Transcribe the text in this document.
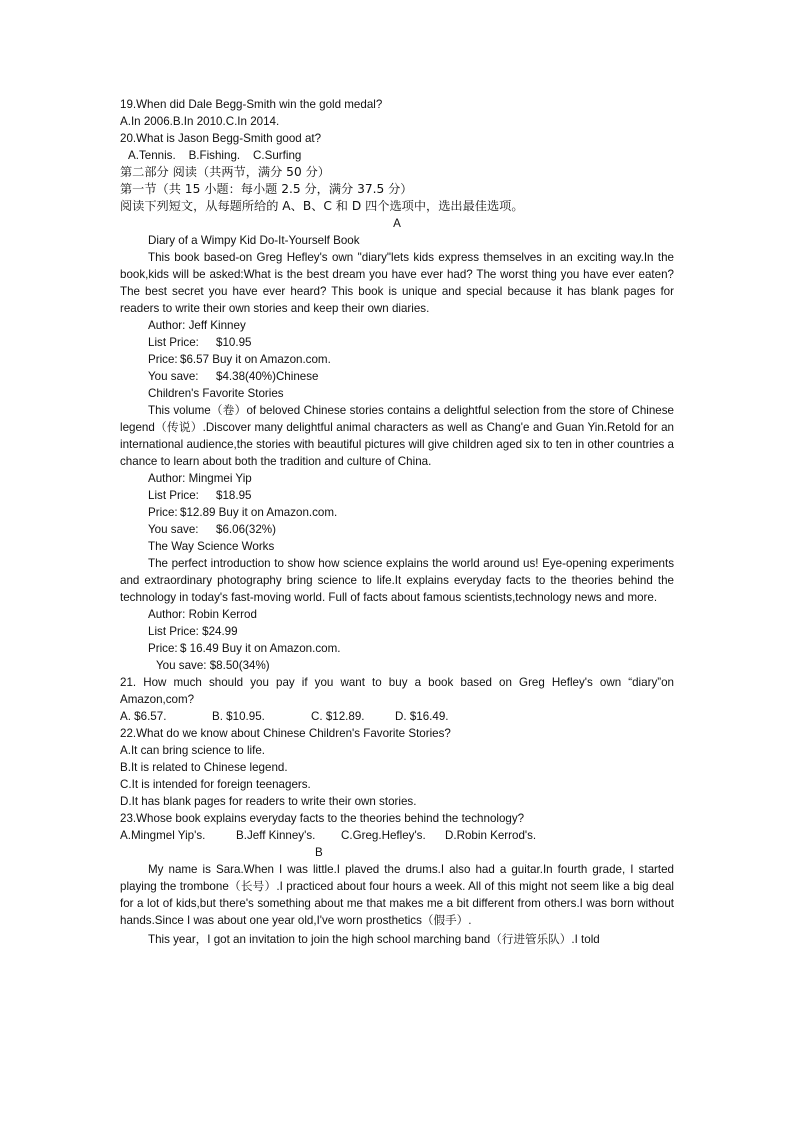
19.When did Dale Begg-Smith win the gold medal?
A.In 2006.B.In 2010.C.In 2014.
20.What is Jason Begg-Smith good at?
A.Tennis.    B.Fishing.    C.Surfing
第二部分 阅读（共两节，满分 50 分）
第一节（共 15 小题：每小题 2.5 分，满分 37.5 分）
阅读下列短文，从每题所给的 A、B、C 和 D 四个选项中，选出最佳选项。
A
Diary of a Wimpy Kid Do-It-Yourself Book
This book based-on Greg Hefley's own "diary"lets kids express themselves in an exciting way.In the book,kids will be asked:What is the best dream you have ever had? The worst thing you have ever eaten? The best secret you have ever heard? This book is unique and special because it has blank pages for readers to write their own stories and keep their own diaries.
Author: Jeff Kinney
List Price: $10.95
Price: $6.57 Buy it on Amazon.com.
You save: $4.38(40%)Chinese
Children's Favorite Stories
This volume（卷）of beloved Chinese stories contains a delightful selection from the store of Chinese legend（传说）.Discover many delightful animal characters as well as Chang'e and Guan Yin.Retold for an international audience,the stories with beautiful pictures will give children aged six to ten in other countries a chance to learn about both the tradition and culture of China.
Author: Mingmei Yip
List Price: $18.95
Price: $12.89 Buy it on Amazon.com.
You save: $6.06(32%)
The Way Science Works
The perfect introduction to show how science explains the world around us! Eye-opening experiments and extraordinary photography bring science to life.It explains everyday facts to the theories behind the technology in today's fast-moving world. Full of facts about famous scientists,technology news and more.
Author: Robin Kerrod
List Price: $24.99
Price: $ 16.49 Buy it on Amazon.com.
You save: $8.50(34%)
21. How much should you pay if you want to buy a book based on Greg Hefley's own “diary”on Amazon,com?
A. $6.57.	B. $10.95.	C. $12.89.	D. $16.49.
22.What do we know about Chinese Children's Favorite Stories?
A.It can bring science to life.
B.It is related to Chinese legend.
C.It is intended for foreign teenagers.
D.It has blank pages for readers to write their own stories.
23.Whose book explains everyday facts to the theories behind the technology?
A.Mingmel Yip's.	B.Jeff Kinney's. C.Greg.Hefley's. D.Robin Kerrod's.
B
My name is Sara.When I was little.I plaved the drums.I also had a guitar.In fourth grade, I started playing the trombone（长号）.I practiced about four hours a week. All of this might not seem like a big deal for a lot of kids,but there's something about me that makes me a bit different from others.I was born without hands.Since I was about one year old,I've worn prosthetics（假手）.
This year，I got an invitation to join the high school marching band（行进管乐队）.I told
